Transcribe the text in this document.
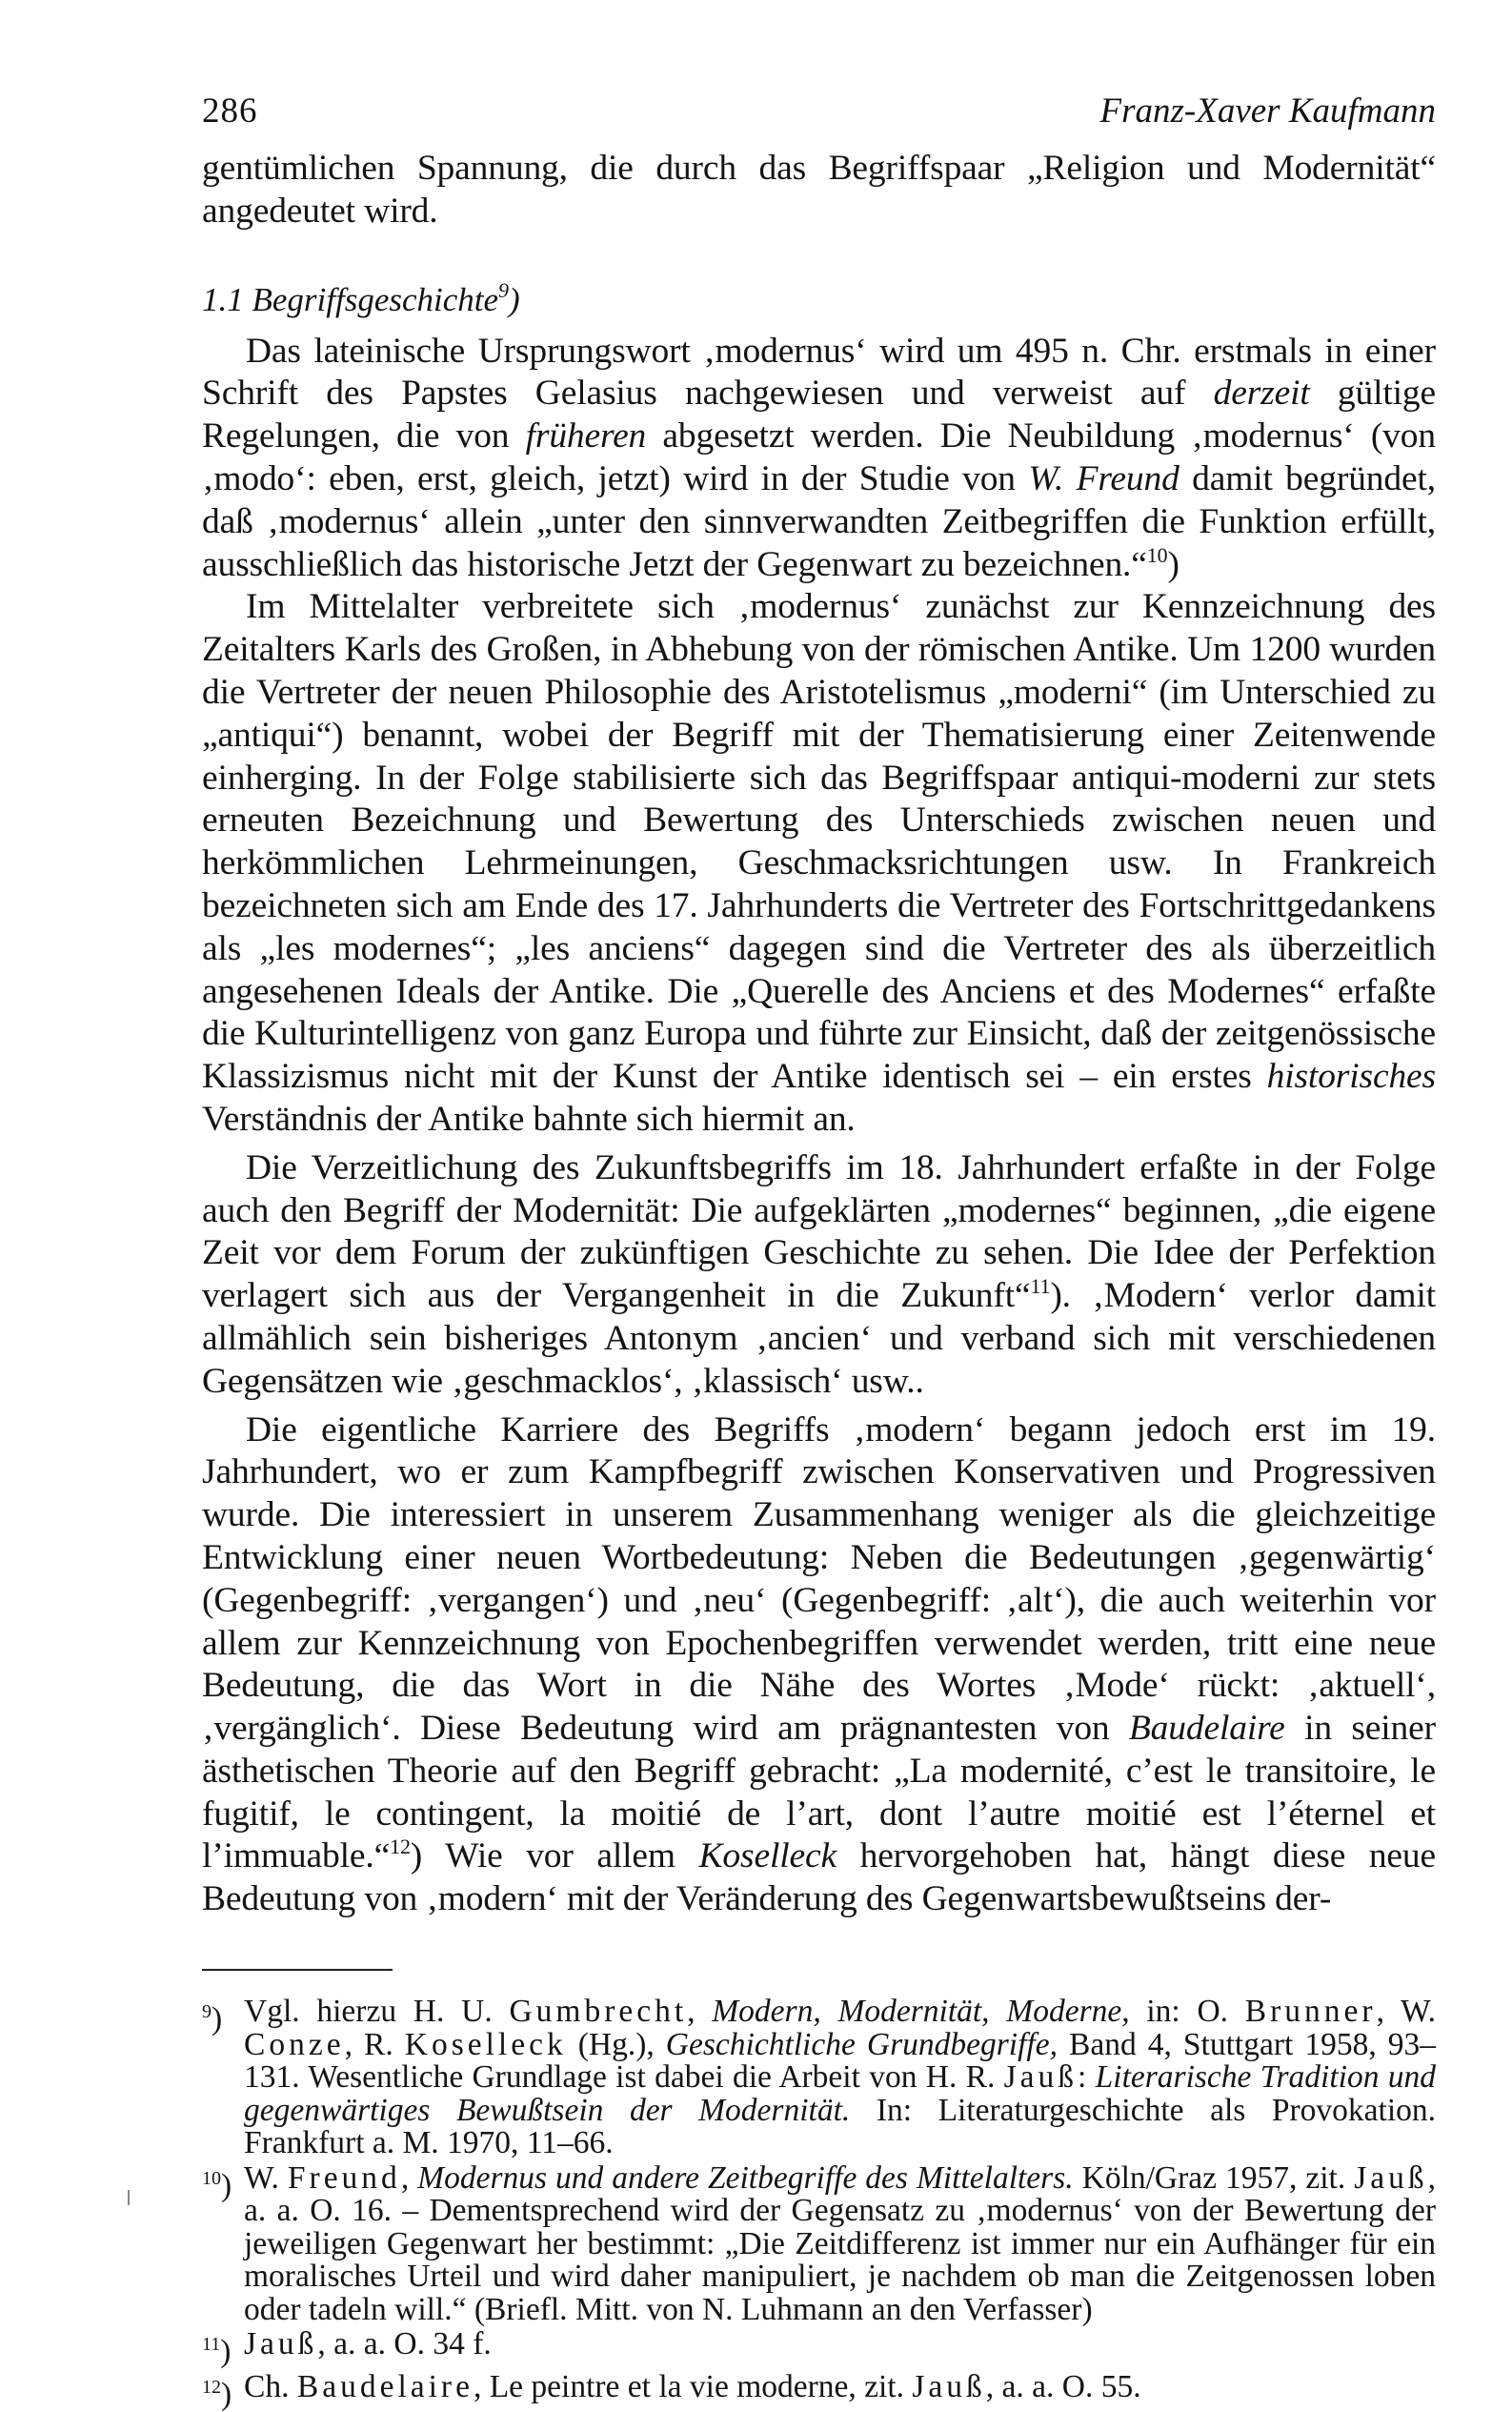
286	Franz-Xaver Kaufmann

gentümlichen Spannung, die durch das Begriffspaar „Religion und Modernität“ angedeutet wird.

1.1 Begriffsgeschichte$^9$)

Das lateinische Ursprungswort ‚modernus‘ wird um 495 n. Chr. erstmals in einer Schrift des Papstes Gelasius nachgewiesen und verweist auf derzeit gültige Regelungen, die von früheren abgesetzt werden. Die Neubildung ‚modernus‘ (von ‚modo‘: eben, erst, gleich, jetzt) wird in der Studie von W. Freund damit begründet, daß ‚modernus‘ allein „unter den sinnverwandten Zeitbegriffen die Funktion erfüllt, ausschließlich das historische Jetzt der Gegenwart zu bezeichnen.“$^{10}$)

Im Mittelalter verbreitete sich ‚modernus‘ zunächst zur Kennzeichnung des Zeitalters Karls des Großen, in Abhebung von der römischen Antike. Um 1200 wurden die Vertreter der neuen Philosophie des Aristotelismus „moderni“ (im Unterschied zu „antiqui“) benannt, wobei der Begriff mit der Thematisierung einer Zeitenwende einherging. In der Folge stabilisierte sich das Begriffspaar antiqui-moderni zur stets erneuten Bezeichnung und Bewertung des Unterschieds zwischen neuen und herkömmlichen Lehrmeinungen, Geschmacksrichtungen usw. In Frankreich bezeichneten sich am Ende des 17. Jahrhunderts die Vertreter des Fortschrittgedankens als „les modernes“; „les anciens“ dagegen sind die Vertreter des als überzeitlich angesehenen Ideals der Antike. Die „Querelle des Anciens et des Modernes“ erfaßte die Kulturintelligenz von ganz Europa und führte zur Einsicht, daß der zeitgenössische Klassizismus nicht mit der Kunst der Antike identisch sei – ein erstes historisches Verständnis der Antike bahnte sich hiermit an.

Die Verzeitlichung des Zukunftsbegriffs im 18. Jahrhundert erfaßte in der Folge auch den Begriff der Modernität: Die aufgeklärten „modernes“ beginnen, „die eigene Zeit vor dem Forum der zukünftigen Geschichte zu sehen. Die Idee der Perfektion verlagert sich aus der Vergangenheit in die Zukunft“$^{11}$). ‚Modern‘ verlor damit allmählich sein bisheriges Antonym ‚ancien‘ und verband sich mit verschiedenen Gegensätzen wie ‚geschmacklos‘, ‚klassisch‘ usw..

Die eigentliche Karriere des Begriffs ‚modern‘ begann jedoch erst im 19. Jahrhundert, wo er zum Kampfbegriff zwischen Konservativen und Progressiven wurde. Die interessiert in unserem Zusammenhang weniger als die gleichzeitige Entwicklung einer neuen Wortbedeutung: Neben die Bedeutungen ‚gegenwärtig‘ (Gegenbegriff: ‚vergangen‘) und ‚neu‘ (Gegenbegriff: ‚alt‘), die auch weiterhin vor allem zur Kennzeichnung von Epochenbegriffen verwendet werden, tritt eine neue Bedeutung, die das Wort in die Nähe des Wortes ‚Mode‘ rückt: ‚aktuell‘, ‚vergänglich‘. Diese Bedeutung wird am prägnantesten von Baudelaire in seiner ästhetischen Theorie auf den Begriff gebracht: „La modernité, c’est le transitoire, le fugitif, le contingent, la moitié de l’art, dont l’autre moitié est l’éternel et l’immuable.“$^{12}$) Wie vor allem Koselleck hervorgehoben hat, hängt diese neue Bedeutung von ‚modern‘ mit der Veränderung des Gegenwartsbewußtseins der-

$^9$) Vgl. hierzu H. U. Gumbrecht, Modern, Modernität, Moderne, in: O. Brunner, W. Conze, R. Koselleck (Hg.), Geschichtliche Grundbegriffe, Band 4, Stuttgart 1958, 93–131. Wesentliche Grundlage ist dabei die Arbeit von H. R. Jauß: Literarische Tradition und gegenwärtiges Bewußtsein der Modernität. In: Literaturgeschichte als Provokation. Frankfurt a. M. 1970, 11–66.
$^{10}$) W. Freund, Modernus und andere Zeitbegriffe des Mittelalters. Köln/Graz 1957, zit. Jauß, a. a. O. 16. – Dementsprechend wird der Gegensatz zu ‚modernus‘ von der Bewertung der jeweiligen Gegenwart her bestimmt: „Die Zeitdifferenz ist immer nur ein Aufhänger für ein moralisches Urteil und wird daher manipuliert, je nachdem ob man die Zeitgenossen loben oder tadeln will.“ (Briefl. Mitt. von N. Luhmann an den Verfasser)
$^{11}$) Jauß, a. a. O. 34 f.
$^{12}$) Ch. Baudelaire, Le peintre et la vie moderne, zit. Jauß, a. a. O. 55.
